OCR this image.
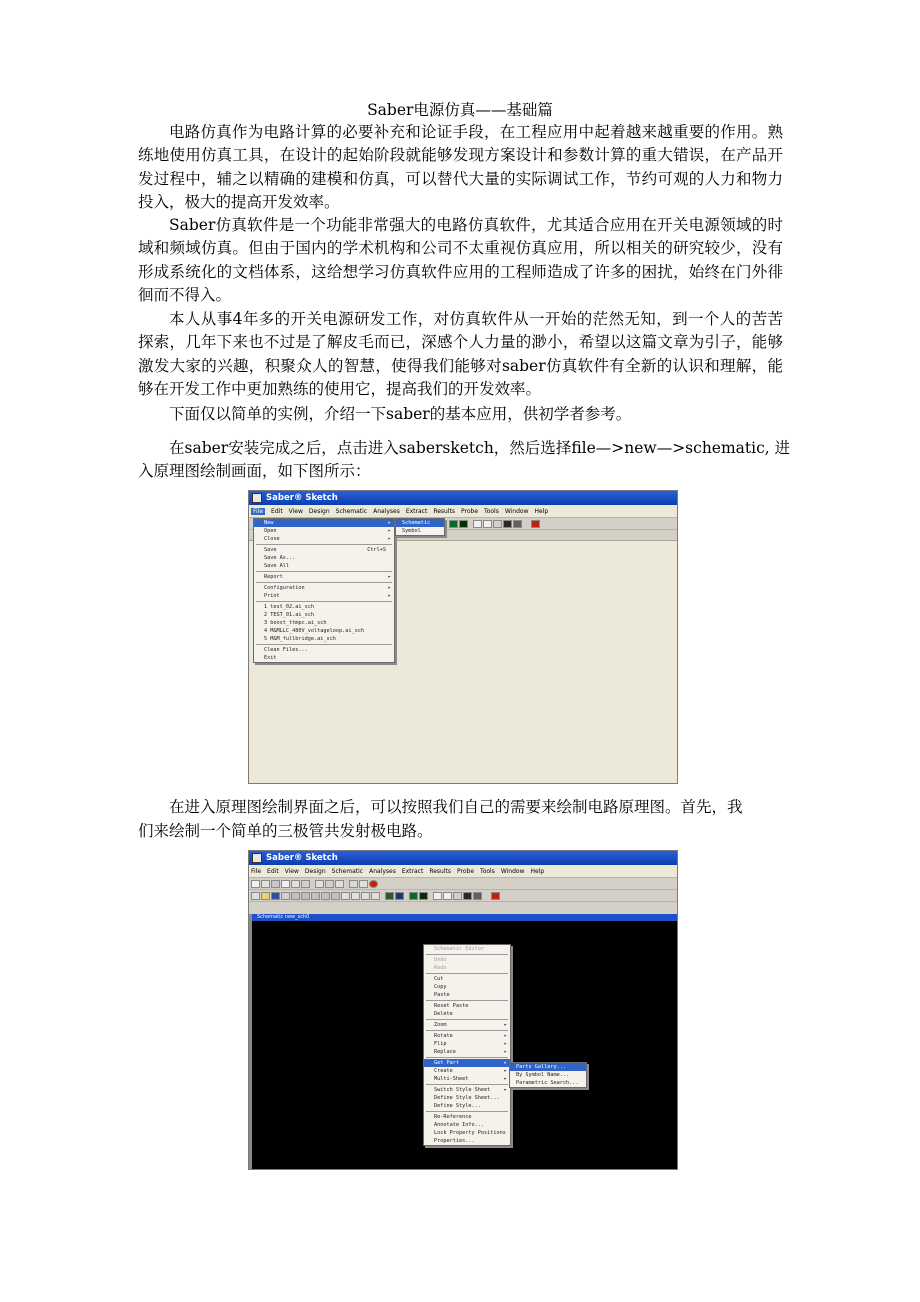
Saber电源仿真——基础篇

电路仿真作为电路计算的必要补充和论证手段，在工程应用中起着越来越重要的作用。熟练地使用仿真工具，在设计的起始阶段就能够发现方案设计和参数计算的重大错误，在产品开发过程中，辅之以精确的建模和仿真，可以替代大量的实际调试工作，节约可观的人力和物力投入，极大的提高开发效率。

Saber仿真软件是一个功能非常强大的电路仿真软件，尤其适合应用在开关电源领域的时域和频域仿真。但由于国内的学术机构和公司不太重视仿真应用，所以相关的研究较少，没有形成系统化的文档体系，这给想学习仿真软件应用的工程师造成了许多的困扰，始终在门外徘徊而不得入。

本人从事4年多的开关电源研发工作，对仿真软件从一开始的茫然无知，到一个人的苦苦探索，几年下来也不过是了解皮毛而已，深感个人力量的渺小，希望以这篇文章为引子，能够激发大家的兴趣，积聚众人的智慧，使得我们能够对saber仿真软件有全新的认识和理解，能够在开发工作中更加熟练的使用它，提高我们的开发效率。

下面仅以简单的实例，介绍一下saber的基本应用，供初学者参考。

在saber安装完成之后，点击进入sabersketch，然后选择file—>new—>schematic, 进
入原理图绘制画面，如下图所示：
Saber® Sketch
File	Edit View Design Schematic Analyses Extract Results Probe Tools Window Help
New	▸
Open	▸
Close	▸
Save	Ctrl+S
Save As...
Save All
Report	▸
Configuration	▸
Print	▸
1 test_02.ai_sch
2 TEST_01.ai_sch
3 boost_ttmpc.ai_sch
4 M&MLLC_480V_voltageloop.ai_sch
5 M&M_fullbridge.ai_sch
Clean Files...
Exit
Schematic
Symbol
在进入原理图绘制界面之后，可以按照我们自己的需要来绘制电路原理图。首先，我
们来绘制一个简单的三极管共发射极电路。
Saber® Sketch
File Edit View Design Schematic Analyses Extract Results Probe Tools Window Help
Schematic new_sch0
Schematic Editor
Undo
Redo
Cut
Copy
Paste
Reset Paste
Delete
Zoom	▸
Rotate	▸
Flip	▸
Replace	▸
Get Part	▸
Create	▸
Multi-Sheet	▸
Switch Style Sheet	▸
Define Style Sheet...
Define Style...
Re-Reference
Annotate Info...
Lock Property Positions
Properties...
Parts Gallery...
By Symbol Name...
Parametric Search...
